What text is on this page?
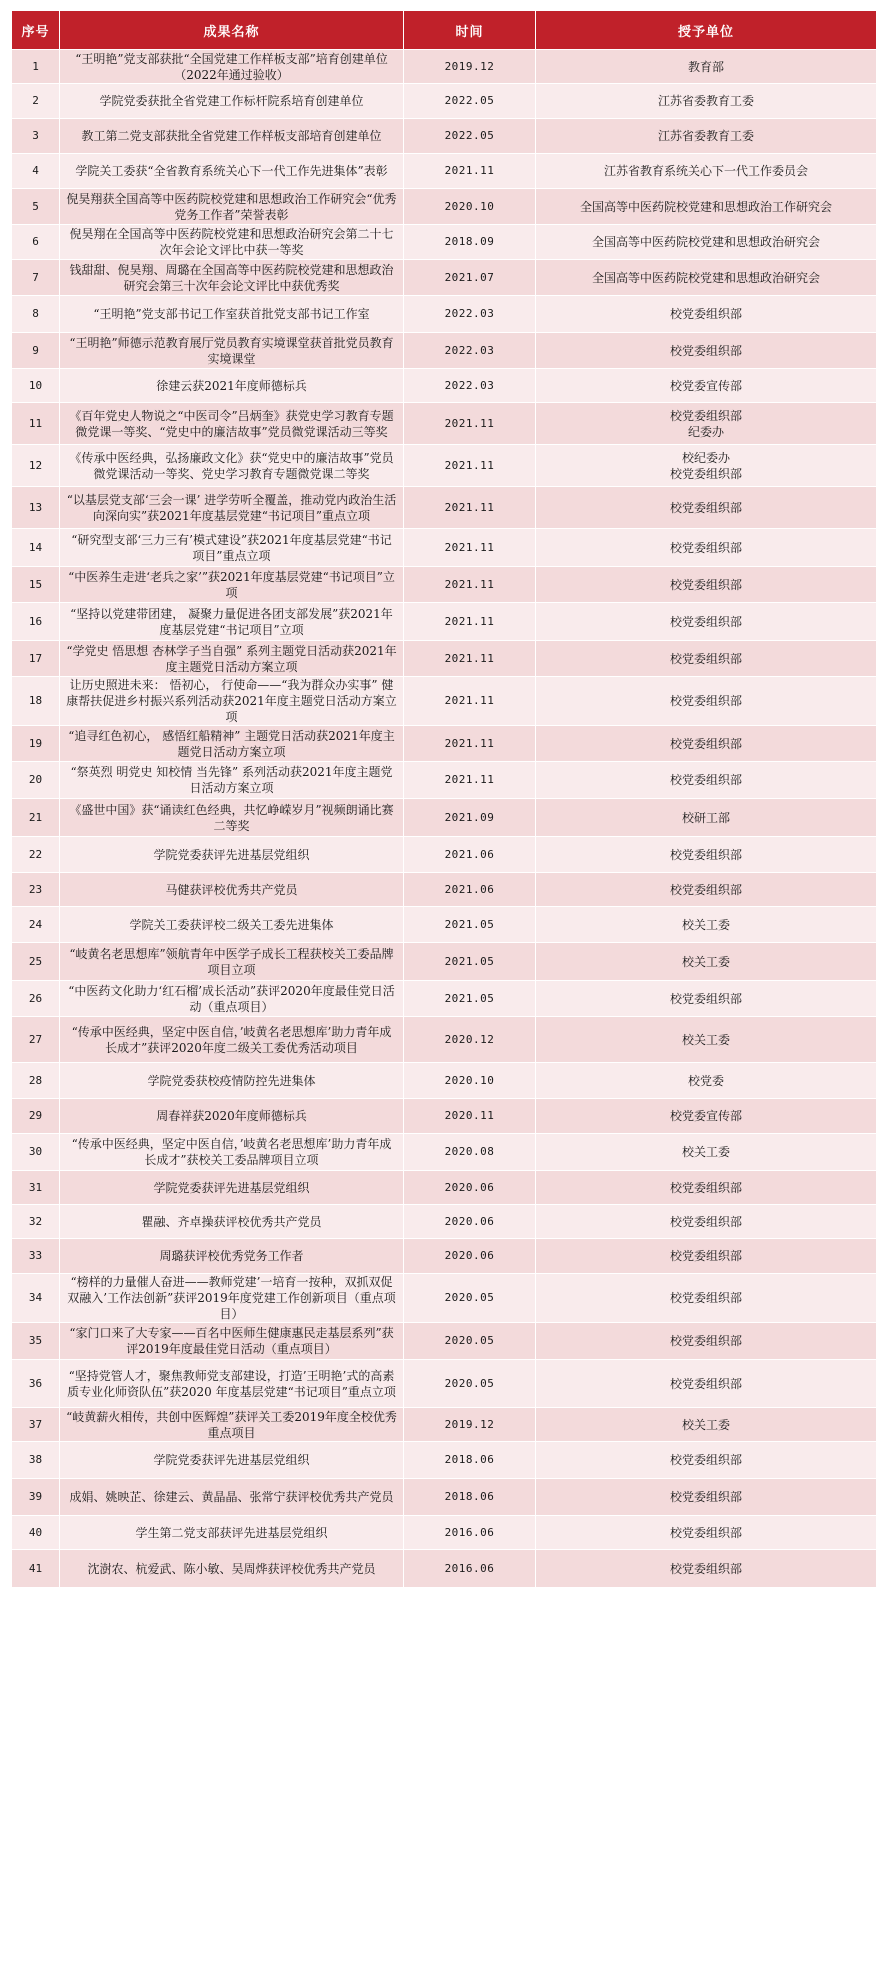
序号	成果名称	时间	授予单位
1	“王明艳”党支部获批“全国党建工作样板支部”培育创建单位（2022年通过验收）	2019.12	教育部
2	学院党委获批全省党建工作标杆院系培育创建单位	2022.05	江苏省委教育工委
3	教工第二党支部获批全省党建工作样板支部培育创建单位	2022.05	江苏省委教育工委
4	学院关工委获“全省教育系统关心下一代工作先进集体”表彰	2021.11	江苏省教育系统关心下一代工作委员会
5	倪昊翔获全国高等中医药院校党建和思想政治工作研究会“优秀党务工作者”荣誉表彰	2020.10	全国高等中医药院校党建和思想政治工作研究会
6	倪昊翔在全国高等中医药院校党建和思想政治研究会第二十七次年会论文评比中获一等奖	2018.09	全国高等中医药院校党建和思想政治研究会
7	钱甜甜、倪昊翔、周璐在全国高等中医药院校党建和思想政治研究会第三十次年会论文评比中获优秀奖	2021.07	全国高等中医药院校党建和思想政治研究会
8	“王明艳”党支部书记工作室获首批党支部书记工作室	2022.03	校党委组织部
9	“王明艳”师德示范教育展厅党员教育实境课堂获首批党员教育实境课堂	2022.03	校党委组织部
10	徐建云获2021年度师德标兵	2022.03	校党委宣传部
11	《百年党史人物说之“中医司令”吕炳奎》获党史学习教育专题微党课一等奖、“党史中的廉洁故事”党员微党课活动三等奖	2021.11	校党委组织部
纪委办
12	《传承中医经典，弘扬廉政文化》获“党史中的廉洁故事”党员微党课活动一等奖、党史学习教育专题微党课二等奖	2021.11	校纪委办
校党委组织部
13	“以基层党支部‘三会一课’ 进学劳听全覆盖，推动党内政治生活向深向实”获2021年度基层党建“书记项目”重点立项	2021.11	校党委组织部
14	“研究型支部‘三力三有’模式建设”获2021年度基层党建“书记项目”重点立项	2021.11	校党委组织部
15	“中医养生走进‘老兵之家’”获2021年度基层党建“书记项目”立项	2021.11	校党委组织部
16	“坚持以党建带团建， 凝聚力量促进各团支部发展”获2021年度基层党建“书记项目”立项	2021.11	校党委组织部
17	“学党史 悟思想 杏林学子当自强” 系列主题党日活动获2021年度主题党日活动方案立项	2021.11	校党委组织部
18	让历史照进未来： 悟初心， 行使命——“我为群众办实事” 健康帮扶促进乡村振兴系列活动获2021年度主题党日活动方案立项	2021.11	校党委组织部
19	“追寻红色初心， 感悟红船精神” 主题党日活动获2021年度主题党日活动方案立项	2021.11	校党委组织部
20	“祭英烈 明党史 知校情 当先锋” 系列活动获2021年度主题党日活动方案立项	2021.11	校党委组织部
21	《盛世中国》获“诵读红色经典，共忆峥嵘岁月”视频朗诵比赛二等奖	2021.09	校研工部
22	学院党委获评先进基层党组织	2021.06	校党委组织部
23	马健获评校优秀共产党员	2021.06	校党委组织部
24	学院关工委获评校二级关工委先进集体	2021.05	校关工委
25	“岐黄名老思想库”领航青年中医学子成长工程获校关工委品牌项目立项	2021.05	校关工委
26	“中医药文化助力‘红石榴’成长活动”获评2020年度最佳党日活动（重点项目）	2021.05	校党委组织部
27	“传承中医经典，坚定中医自信，’岐黄名老思想库’助力青年成长成才”获评2020年度二级关工委优秀活动项目	2020.12	校关工委
28	学院党委获校疫情防控先进集体	2020.10	校党委
29	周春祥获2020年度师德标兵	2020.11	校党委宣传部
30	“传承中医经典，坚定中医自信，’岐黄名老思想库’助力青年成长成才”获校关工委品牌项目立项	2020.08	校关工委
31	学院党委获评先进基层党组织	2020.06	校党委组织部
32	瞿融、齐卓操获评校优秀共产党员	2020.06	校党委组织部
33	周璐获评校优秀党务工作者	2020.06	校党委组织部
34	“榜样的力量催人奋进——教师党建’一培育一按种，双抓双促双融入’工作法创新”获评2019年度党建工作创新项目（重点项目）	2020.05	校党委组织部
35	“家门口来了大专家——百名中医师生健康惠民走基层系列”获评2019年度最佳党日活动（重点项目）	2020.05	校党委组织部
36	“坚持党管人才，聚焦教师党支部建设，打造’王明艳’式的高素质专业化师资队伍”获2020 年度基层党建“书记项目”重点立项	2020.05	校党委组织部
37	“岐黄薪火相传，共创中医辉煌”获评关工委2019年度全校优秀重点项目	2019.12	校关工委
38	学院党委获评先进基层党组织	2018.06	校党委组织部
39	成娟、姚映芷、徐建云、黄晶晶、张常宁获评校优秀共产党员	2018.06	校党委组织部
40	学生第二党支部获评先进基层党组织	2016.06	校党委组织部
41	沈澍农、杭爱武、陈小敏、吴周烨获评校优秀共产党员	2016.06	校党委组织部
